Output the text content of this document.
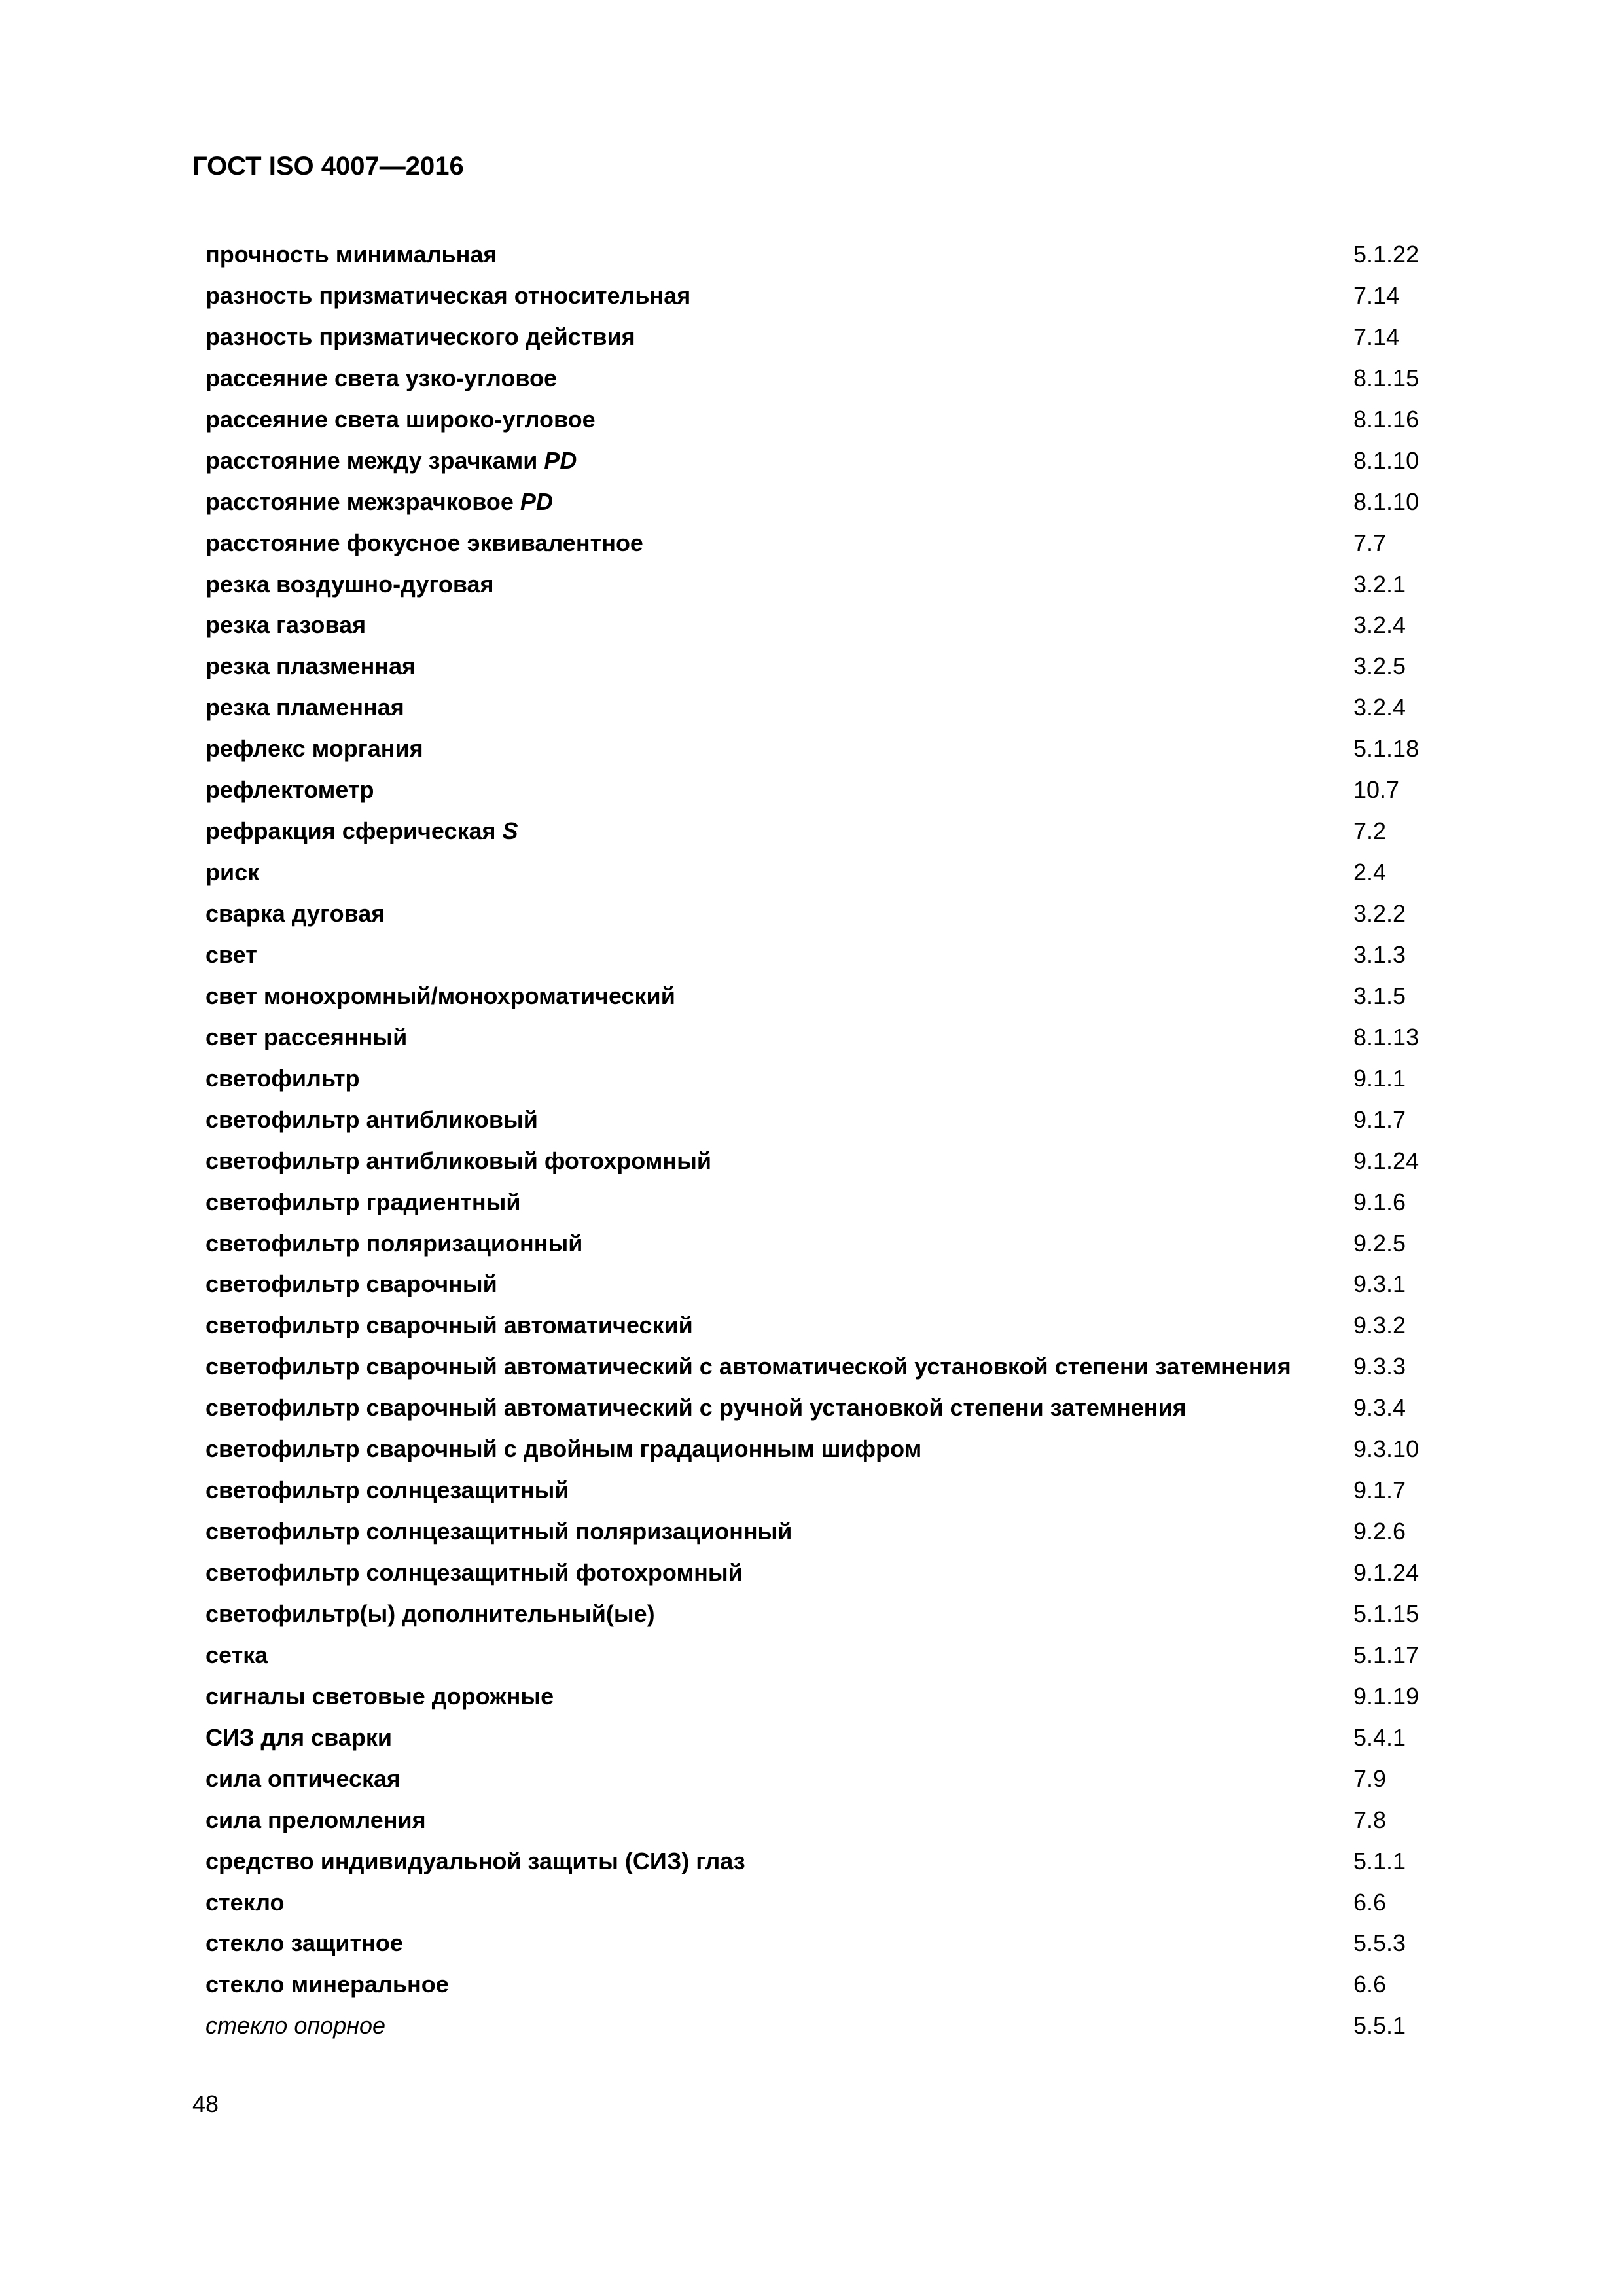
ГОСТ ISO 4007—2016
прочность минимальная	5.1.22
разность призматическая относительная	7.14
разность призматического действия	7.14
рассеяние света узко-угловое	8.1.15
рассеяние света широко-угловое	8.1.16
расстояние между зрачками PD	8.1.10
расстояние межзрачковое PD	8.1.10
расстояние фокусное эквивалентное	7.7
резка воздушно-дуговая	3.2.1
резка газовая	3.2.4
резка плазменная	3.2.5
резка пламенная	3.2.4
рефлекс моргания	5.1.18
рефлектометр	10.7
рефракция сферическая S	7.2
риск	2.4
сварка дуговая	3.2.2
свет	3.1.3
свет монохромный/монохроматический	3.1.5
свет рассеянный	8.1.13
светофильтр	9.1.1
светофильтр антибликовый	9.1.7
светофильтр антибликовый фотохромный	9.1.24
светофильтр градиентный	9.1.6
светофильтр поляризационный	9.2.5
светофильтр сварочный	9.3.1
светофильтр сварочный автоматический	9.3.2
светофильтр сварочный автоматический с автоматической установкой степени затемнения	9.3.3
светофильтр сварочный автоматический с ручной установкой степени затемнения	9.3.4
светофильтр сварочный с двойным градационным шифром	9.3.10
светофильтр солнцезащитный	9.1.7
светофильтр солнцезащитный поляризационный	9.2.6
светофильтр солнцезащитный фотохромный	9.1.24
светофильтр(ы) дополнительный(ые)	5.1.15
сетка	5.1.17
сигналы световые дорожные	9.1.19
СИЗ для сварки	5.4.1
сила оптическая	7.9
сила преломления	7.8
средство индивидуальной защиты (СИЗ) глаз	5.1.1
стекло	6.6
стекло защитное	5.5.3
стекло минеральное	6.6
стекло опорное	5.5.1
48
